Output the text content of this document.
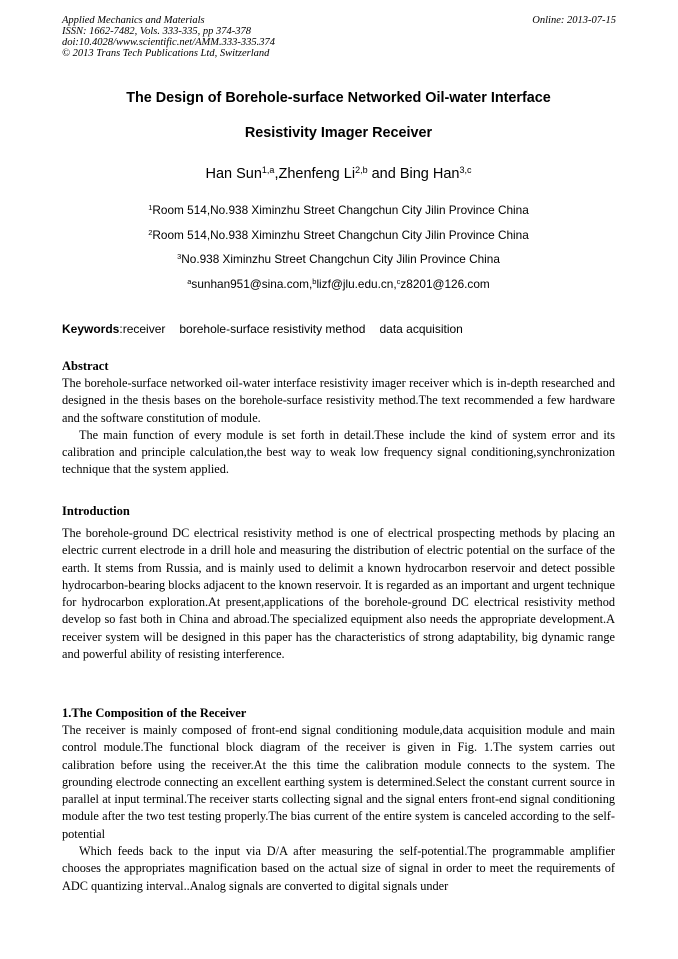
Applied Mechanics and Materials
ISSN: 1662-7482, Vols. 333-335, pp 374-378
doi:10.4028/www.scientific.net/AMM.333-335.374
© 2013 Trans Tech Publications Ltd, Switzerland
Online: 2013-07-15
The Design of Borehole-surface Networked Oil-water Interface
Resistivity Imager Receiver
Han Sun$^{1,a}$,Zhenfeng Li$^{2,b}$ and Bing Han$^{3,c}$
$^1$Room 514,No.938 Ximinzhu Street Changchun City Jilin Province China
$^2$Room 514,No.938 Ximinzhu Street Changchun City Jilin Province China
$^3$No.938 Ximinzhu Street Changchun City Jilin Province China
$^a$sunhan951@sina.com,$^b$lizf@jlu.edu.cn,$^c$z8201@126.com
Keywords:receiver borehole-surface resistivity method data acquisition
Abstract

The borehole-surface networked oil-water interface resistivity imager receiver which is in-depth researched and designed in the thesis bases on the borehole-surface resistivity method.The text recommended a few hardware and the software constitution of module.

The main function of every module is set forth in detail.These include the kind of system error and its calibration and principle calculation,the best way to weak low frequency signal conditioning,synchronization technique that the system applied.

Introduction

The borehole-ground DC electrical resistivity method is one of electrical prospecting methods by placing an electric current electrode in a drill hole and measuring the distribution of electric potential on the surface of the earth. It stems from Russia, and is mainly used to delimit a known hydrocarbon reservoir and detect possible hydrocarbon-bearing blocks adjacent to the known reservoir. It is regarded as an important and urgent technique for hydrocarbon exploration.At present,applications of the borehole-ground DC electrical resistivity method develop so fast both in China and abroad.The specialized equipment also needs the appropriate development.A receiver system will be designed in this paper has the characteristics of strong adaptability, big dynamic range and powerful ability of resisting interference.

1.The Composition of the Receiver

The receiver is mainly composed of front-end signal conditioning module,data acquisition module and main control module.The functional block diagram of the receiver is given in Fig. 1.The system carries out calibration before using the receiver.At the this time the calibration module connects to the system. The grounding electrode connecting an excellent earthing system is determined.Select the constant current source in parallel at input terminal.The receiver starts collecting signal and the signal enters front-end signal conditioning module after the two test testing properly.The bias current of the entire system is canceled according to the self-potential

Which feeds back to the input via D/A after measuring the self-potential.The programmable amplifier chooses the appropriates magnification based on the actual size of signal in order to meet the requirements of ADC quantizing interval..Analog signals are converted to digital signals under
